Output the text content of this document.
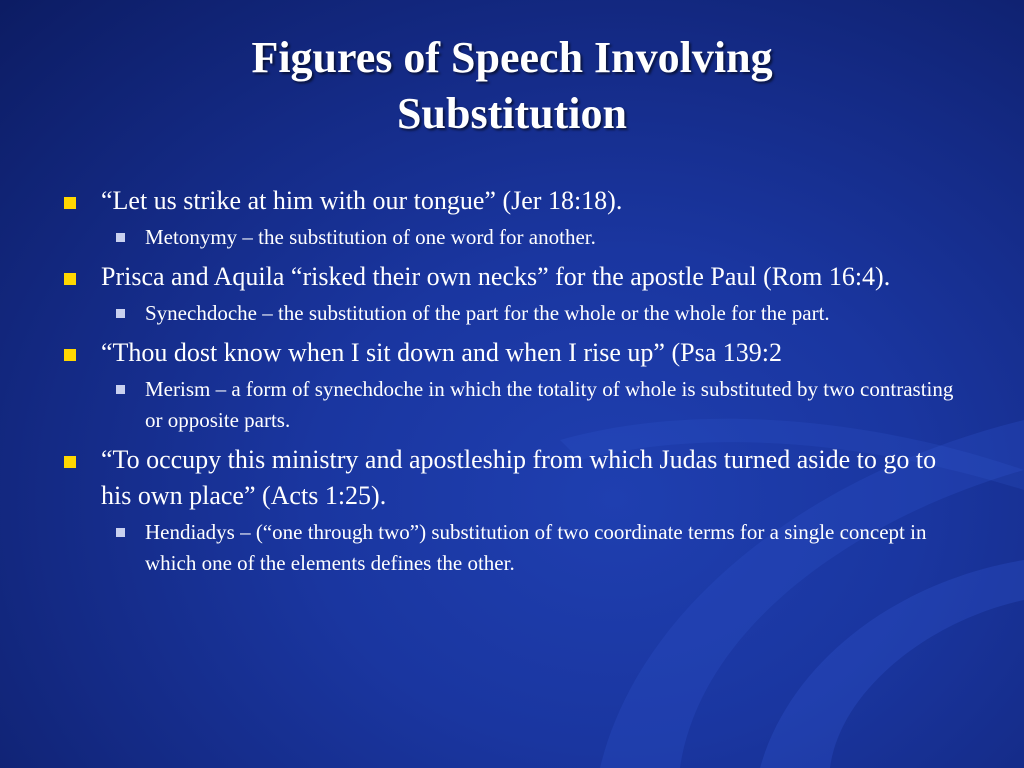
Figures of Speech Involving
Substitution
“Let us strike at him with our tongue” (Jer 18:18).
Metonymy – the substitution of one word for another.
Prisca and Aquila “risked their own necks” for the apostle Paul (Rom 16:4).
Synechdoche – the substitution of the part for the whole or the whole for the part.
“Thou dost know when I sit down and when I rise up” (Psa 139:2
Merism – a form of synechdoche in which the totality of whole is substituted by two contrasting or opposite parts.
“To occupy this ministry and apostleship from which Judas turned aside to go to his own place” (Acts 1:25).
Hendiadys – (“one through two”) substitution of two coordinate terms for a single concept in which one of the elements defines the other.
